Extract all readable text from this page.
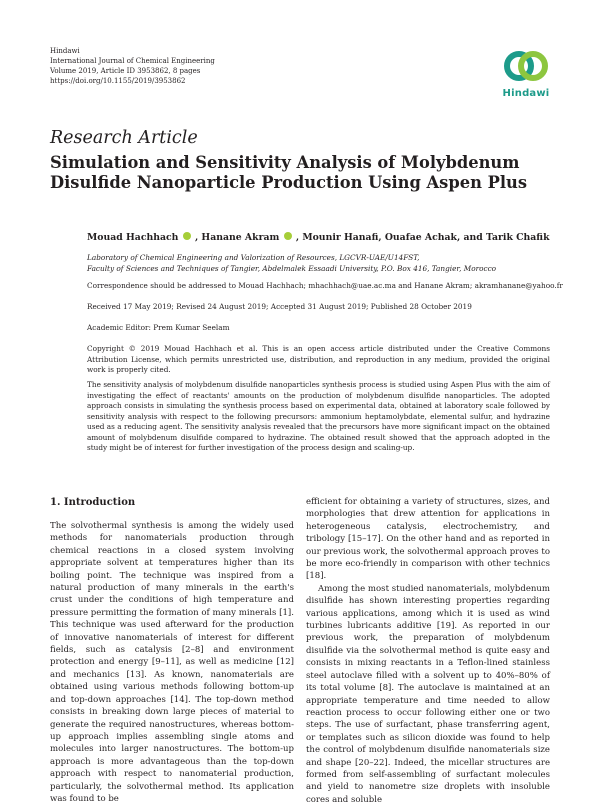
Hindawi
International Journal of Chemical Engineering
Volume 2019, Article ID 3953862, 8 pages
https://doi.org/10.1155/2019/3953862
Hindawi
Research Article
Simulation and Sensitivity Analysis of Molybdenum Disulfide Nanoparticle Production Using Aspen Plus
Mouad Hachhach , Hanane Akram , Mounir Hanafi, Ouafae Achak, and Tarik Chafik
Laboratory of Chemical Engineering and Valorization of Resources, LGCVR-UAE/U14FST,
Faculty of Sciences and Techniques of Tangier, Abdelmalek Essaadi University, P.O. Box 416, Tangier, Morocco
Correspondence should be addressed to Mouad Hachhach; mhachhach@uae.ac.ma and Hanane Akram; akramhanane@yahoo.fr
Received 17 May 2019; Revised 24 August 2019; Accepted 31 August 2019; Published 28 October 2019
Academic Editor: Prem Kumar Seelam
Copyright © 2019 Mouad Hachhach et al. This is an open access article distributed under the Creative Commons Attribution License, which permits unrestricted use, distribution, and reproduction in any medium, provided the original work is properly cited.
The sensitivity analysis of molybdenum disulfide nanoparticles synthesis process is studied using Aspen Plus with the aim of investigating the effect of reactants' amounts on the production of molybdenum disulfide nanoparticles. The adopted approach consists in simulating the synthesis process based on experimental data, obtained at laboratory scale followed by sensitivity analysis with respect to the following precursors: ammonium heptamolybdate, elemental sulfur, and hydrazine used as a reducing agent. The sensitivity analysis revealed that the precursors have more significant impact on the obtained amount of molybdenum disulfide compared to hydrazine. The obtained result showed that the approach adopted in the study might be of interest for further investigation of the process design and scaling-up.
1. Introduction

The solvothermal synthesis is among the widely used methods for nanomaterials production through chemical reactions in a closed system involving appropriate solvent at temperatures higher than its boiling point. The technique was inspired from a natural production of many minerals in the earth's crust under the conditions of high temperature and pressure permitting the formation of many minerals [1]. This technique was used afterward for the production of innovative nanomaterials of interest for different fields, such as catalysis [2–8] and environment protection and energy [9–11], as well as medicine [12] and mechanics [13]. As known, nanomaterials are obtained using various methods following bottom-up and top-down approaches [14]. The top-down method consists in breaking down large pieces of material to generate the required nanostructures, whereas bottom-up approach implies assembling single atoms and molecules into larger nanostructures. The bottom-up approach is more advantageous than the top-down approach with respect to nanomaterial production, particularly, the solvothermal method. Its application was found to be

efficient for obtaining a variety of structures, sizes, and morphologies that drew attention for applications in heterogeneous catalysis, electrochemistry, and tribology [15–17]. On the other hand and as reported in our previous work, the solvothermal approach proves to be more eco-friendly in comparison with other technics [18].

Among the most studied nanomaterials, molybdenum disulfide has shown interesting properties regarding various applications, among which it is used as wind turbines lubricants additive [19]. As reported in our previous work, the preparation of molybdenum disulfide via the solvothermal method is quite easy and consists in mixing reactants in a Teflon-lined stainless steel autoclave filled with a solvent up to 40%–80% of its total volume [8]. The autoclave is maintained at an appropriate temperature and time needed to allow reaction process to occur following either one or two steps. The use of surfactant, phase transferring agent, or templates such as silicon dioxide was found to help the control of molybdenum disulfide nanomaterials size and shape [20–22]. Indeed, the micellar structures are formed from self-assembling of surfactant molecules and yield to nanometre size droplets with insoluble cores and soluble
